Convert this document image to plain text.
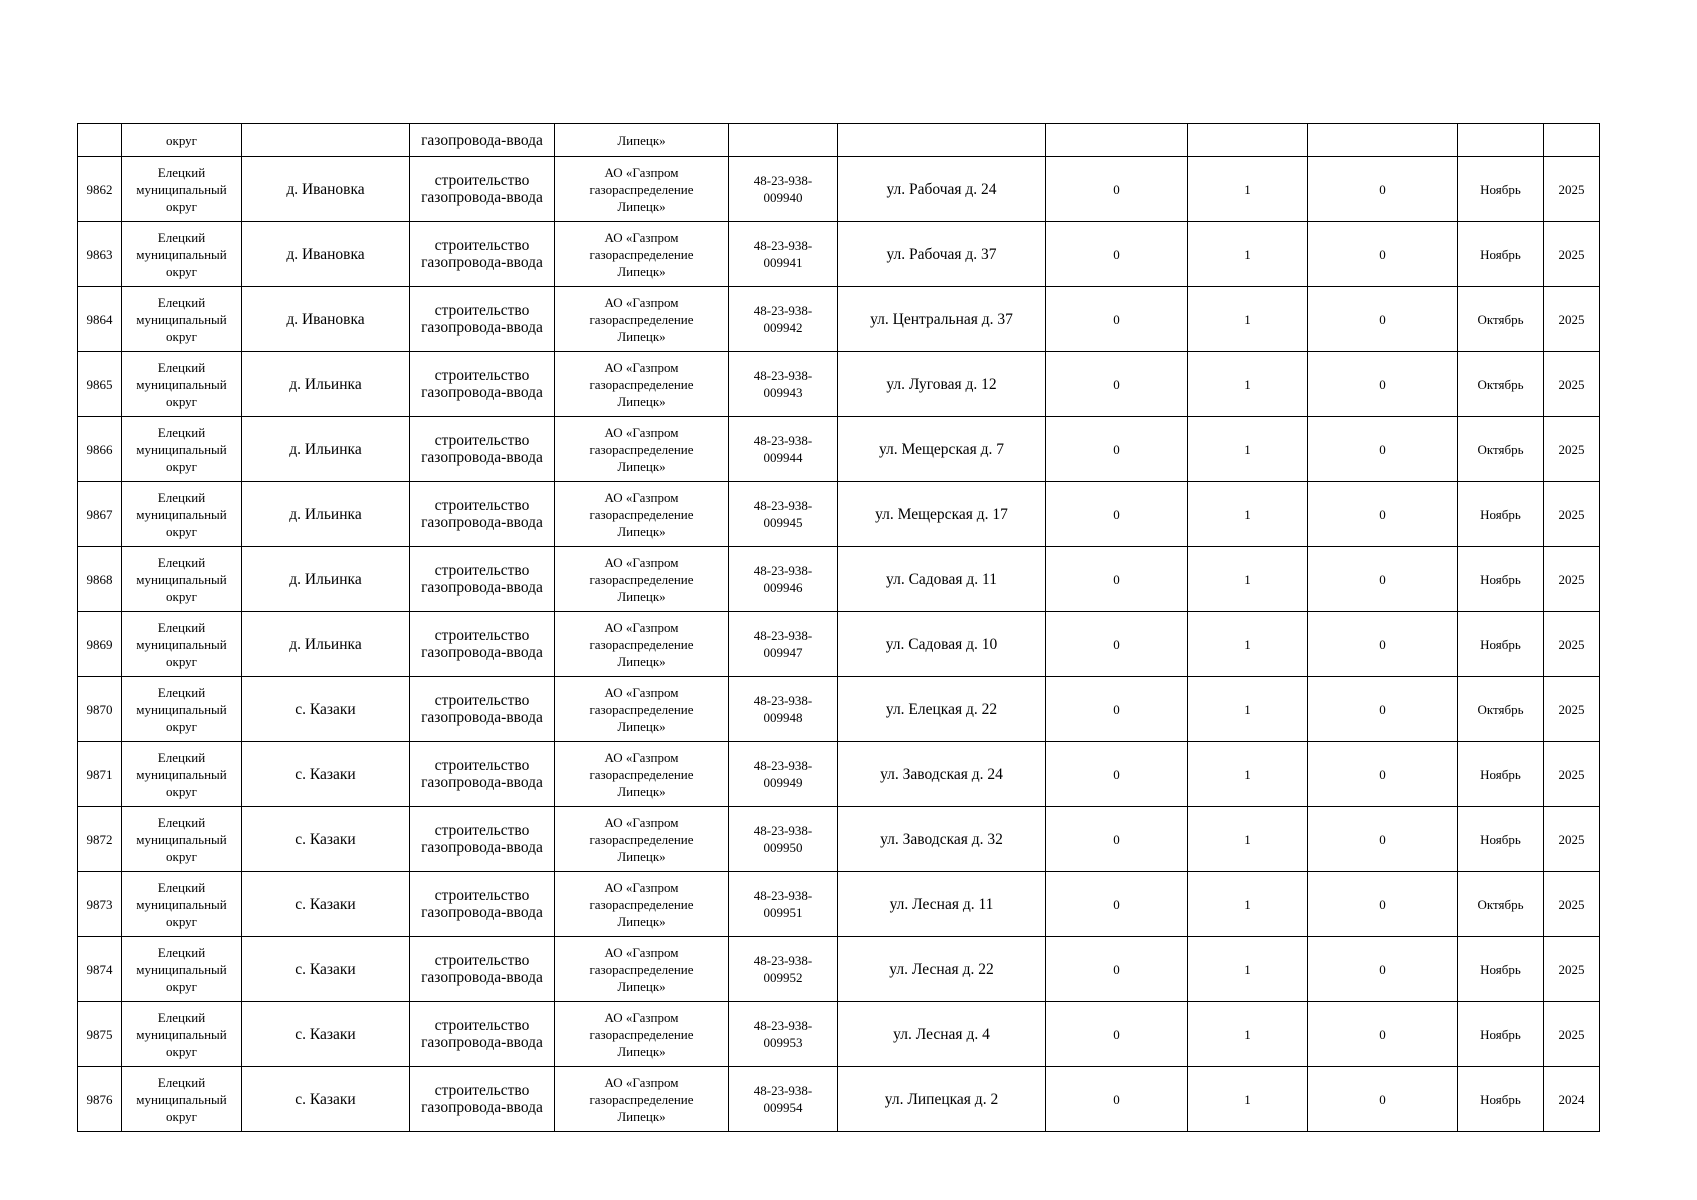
	округ		газопровода-ввода	Липецк»							
9862	Елецкий
муниципальный
округ	д. Ивановка	строительство
газопровода-ввода	АО «Газпром
газораспределение
Липецк»	48-23-938-
009940	ул. Рабочая д. 24	0	1	0	Ноябрь	2025
9863	Елецкий
муниципальный
округ	д. Ивановка	строительство
газопровода-ввода	АО «Газпром
газораспределение
Липецк»	48-23-938-
009941	ул. Рабочая д. 37	0	1	0	Ноябрь	2025
9864	Елецкий
муниципальный
округ	д. Ивановка	строительство
газопровода-ввода	АО «Газпром
газораспределение
Липецк»	48-23-938-
009942	ул. Центральная д. 37	0	1	0	Октябрь	2025
9865	Елецкий
муниципальный
округ	д. Ильинка	строительство
газопровода-ввода	АО «Газпром
газораспределение
Липецк»	48-23-938-
009943	ул. Луговая д. 12	0	1	0	Октябрь	2025
9866	Елецкий
муниципальный
округ	д. Ильинка	строительство
газопровода-ввода	АО «Газпром
газораспределение
Липецк»	48-23-938-
009944	ул. Мещерская д. 7	0	1	0	Октябрь	2025
9867	Елецкий
муниципальный
округ	д. Ильинка	строительство
газопровода-ввода	АО «Газпром
газораспределение
Липецк»	48-23-938-
009945	ул. Мещерская д. 17	0	1	0	Ноябрь	2025
9868	Елецкий
муниципальный
округ	д. Ильинка	строительство
газопровода-ввода	АО «Газпром
газораспределение
Липецк»	48-23-938-
009946	ул. Садовая д. 11	0	1	0	Ноябрь	2025
9869	Елецкий
муниципальный
округ	д. Ильинка	строительство
газопровода-ввода	АО «Газпром
газораспределение
Липецк»	48-23-938-
009947	ул. Садовая д. 10	0	1	0	Ноябрь	2025
9870	Елецкий
муниципальный
округ	с. Казаки	строительство
газопровода-ввода	АО «Газпром
газораспределение
Липецк»	48-23-938-
009948	ул. Елецкая д. 22	0	1	0	Октябрь	2025
9871	Елецкий
муниципальный
округ	с. Казаки	строительство
газопровода-ввода	АО «Газпром
газораспределение
Липецк»	48-23-938-
009949	ул. Заводская д. 24	0	1	0	Ноябрь	2025
9872	Елецкий
муниципальный
округ	с. Казаки	строительство
газопровода-ввода	АО «Газпром
газораспределение
Липецк»	48-23-938-
009950	ул. Заводская д. 32	0	1	0	Ноябрь	2025
9873	Елецкий
муниципальный
округ	с. Казаки	строительство
газопровода-ввода	АО «Газпром
газораспределение
Липецк»	48-23-938-
009951	ул. Лесная д. 11	0	1	0	Октябрь	2025
9874	Елецкий
муниципальный
округ	с. Казаки	строительство
газопровода-ввода	АО «Газпром
газораспределение
Липецк»	48-23-938-
009952	ул. Лесная д. 22	0	1	0	Ноябрь	2025
9875	Елецкий
муниципальный
округ	с. Казаки	строительство
газопровода-ввода	АО «Газпром
газораспределение
Липецк»	48-23-938-
009953	ул. Лесная д. 4	0	1	0	Ноябрь	2025
9876	Елецкий
муниципальный
округ	с. Казаки	строительство
газопровода-ввода	АО «Газпром
газораспределение
Липецк»	48-23-938-
009954	ул. Липецкая д. 2	0	1	0	Ноябрь	2024
